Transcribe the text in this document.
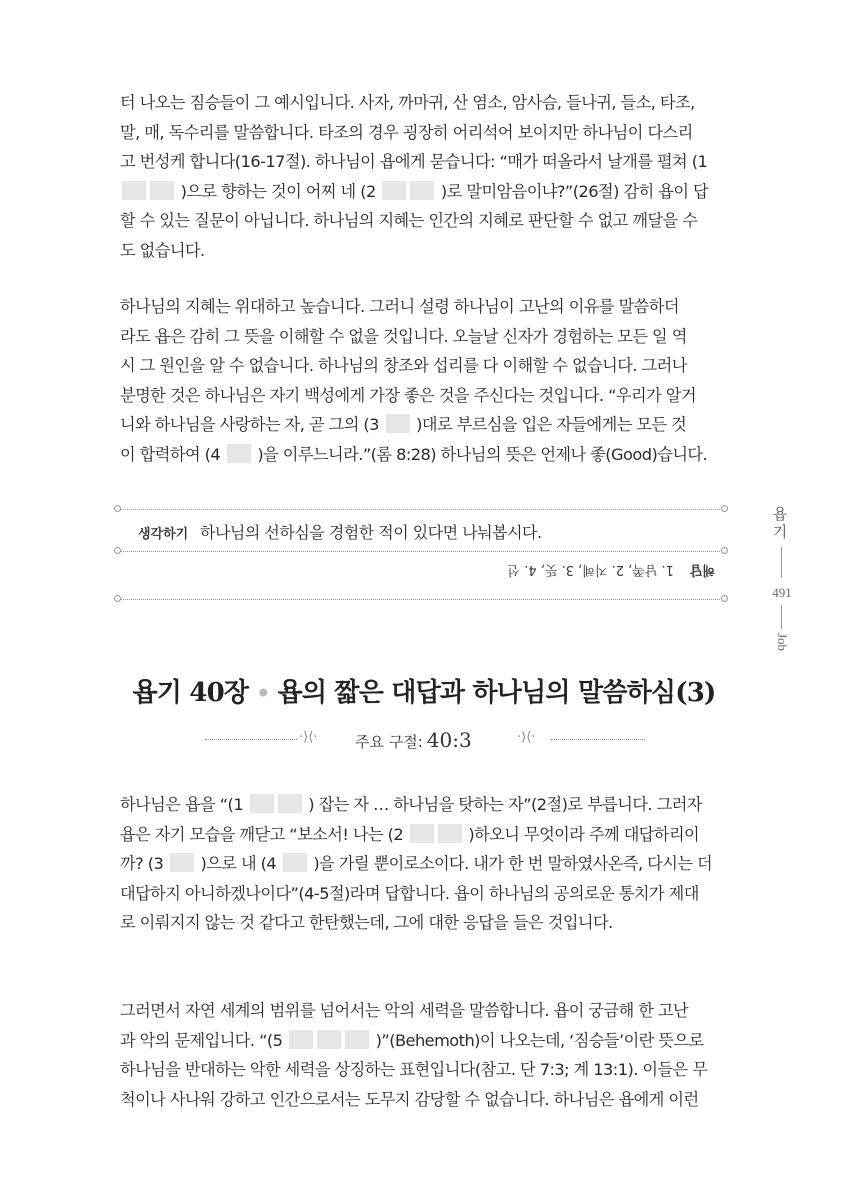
터 나오는 짐승들이 그 예시입니다. 사자, 까마귀, 산 염소, 암사슴, 들나귀, 들소, 타조,
말, 매, 독수리를 말씀합니다. 타조의 경우 굉장히 어리석어 보이지만 하나님이 다스리
고 번성케 합니다(16-17절). 하나님이 욥에게 묻습니다: “매가 떠올라서 날개를 펼쳐 (1
)으로 향하는 것이 어찌 네 (2	)로 말미암음이냐?”(26절) 감히 욥이 답
할 수 있는 질문이 아닙니다. 하나님의 지혜는 인간의 지혜로 판단할 수 없고 깨달을 수
도 없습니다.
하나님의 지혜는 위대하고 높습니다. 그러니 설령 하나님이 고난의 이유를 말씀하더
라도 욥은 감히 그 뜻을 이해할 수 없을 것입니다. 오늘날 신자가 경험하는 모든 일 역
시 그 원인을 알 수 없습니다. 하나님의 창조와 섭리를 다 이해할 수 없습니다. 그러나
분명한 것은 하나님은 자기 백성에게 가장 좋은 것을 주신다는 것입니다. “우리가 알거
니와 하나님을 사랑하는 자, 곧 그의 (3  )대로 부르심을 입은 자들에게는 모든 것
이 합력하여 (4  )을 이루느니라.”(롬 8:28) 하나님의 뜻은 언제나 좋(Good)습니다.
생각하기 하나님의 선하심을 경험한 적이 있다면 나눠봅시다.
해답1. 남쪽, 2. 지혜, 3. 뜻, 4. 선
욥기
491
Job
욥기 40장 • 욥의 짧은 대답과 하나님의 말씀하심(3)
·⟩⟨·	주요 구절: 40:3	·⟩⟨·
하나님은 욥을 “(1	) 잡는 자 … 하나님을 탓하는 자”(2절)로 부릅니다. 그러자
욥은 자기 모습을 깨닫고 “보소서! 나는 (2	)하오니 무엇이라 주께 대답하리이
까? (3  )으로 내 (4  )을 가릴 뿐이로소이다. 내가 한 번 말하였사온즉, 다시는 더
대답하지 아니하겠나이다”(4-5절)라며 답합니다. 욥이 하나님의 공의로운 통치가 제대
로 이뤄지지 않는 것 같다고 한탄했는데, 그에 대한 응답을 들은 것입니다.
그러면서 자연 세계의 범위를 넘어서는 악의 세력을 말씀합니다. 욥이 궁금해 한 고난
과 악의 문제입니다. “(5	)”(Behemoth)이 나오는데, ‘짐승들’이란 뜻으로
하나님을 반대하는 악한 세력을 상징하는 표현입니다(참고. 단 7:3; 계 13:1). 이들은 무
척이나 사나워 강하고 인간으로서는 도무지 감당할 수 없습니다. 하나님은 욥에게 이런
